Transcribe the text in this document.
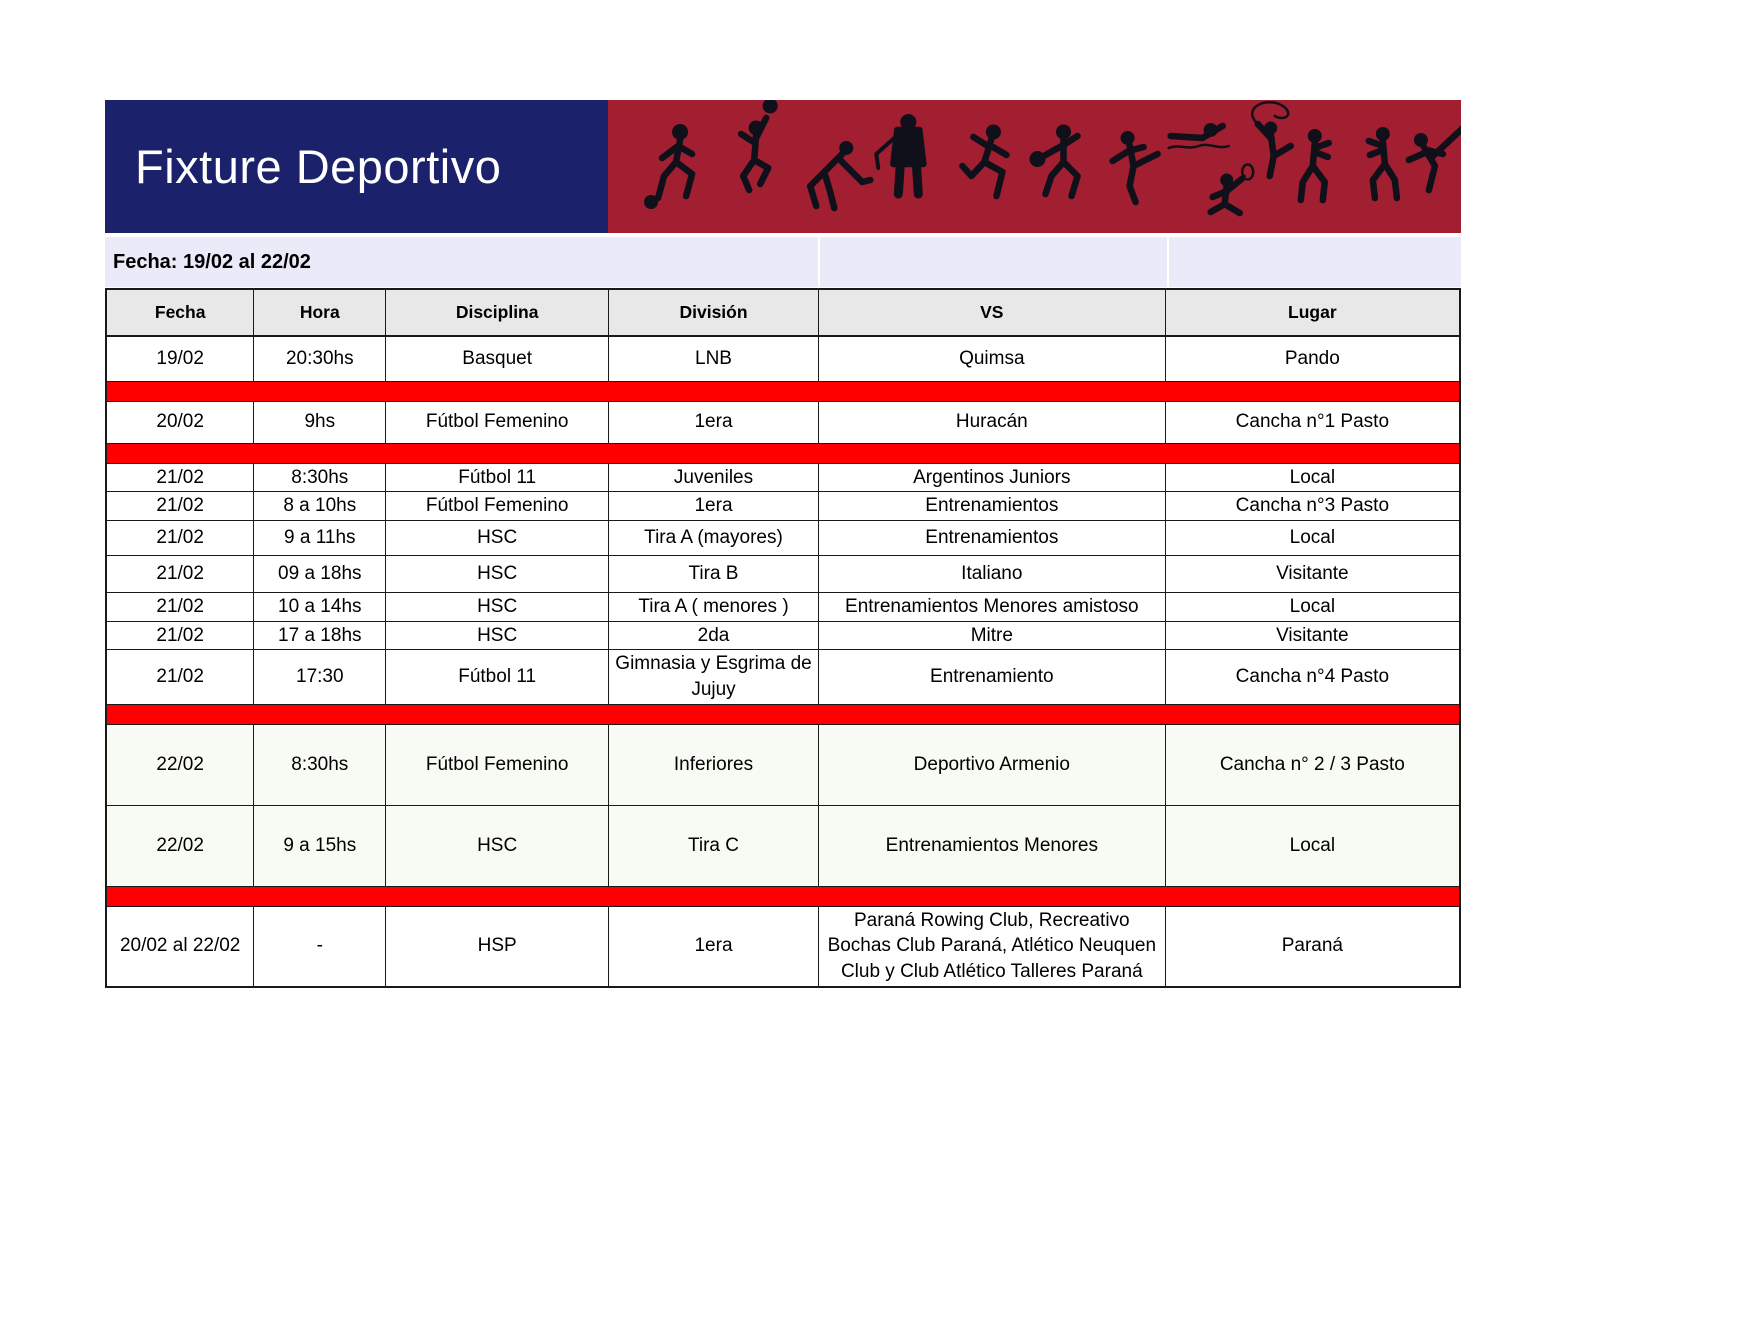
Fixture Deportivo
Fecha: 19/02 al 22/02
Fecha	Hora	Disciplina	División	VS	Lugar
19/02	20:30hs	Basquet	LNB	Quimsa	Pando

20/02	9hs	Fútbol Femenino	1era	Huracán	Cancha n°1 Pasto

21/02	8:30hs	Fútbol 11	Juveniles	Argentinos Juniors	Local
21/02	8 a 10hs	Fútbol Femenino	1era	Entrenamientos	Cancha n°3 Pasto
21/02	9 a 11hs	HSC	Tira A (mayores)	Entrenamientos	Local
21/02	09 a 18hs	HSC	Tira B	Italiano	Visitante
21/02	10 a 14hs	HSC	Tira A ( menores )	Entrenamientos Menores amistoso	Local
21/02	17 a 18hs	HSC	2da	Mitre	Visitante
21/02	17:30	Fútbol 11	Gimnasia y Esgrima de Jujuy	Entrenamiento	Cancha n°4 Pasto

22/02	8:30hs	Fútbol Femenino	Inferiores	Deportivo Armenio	Cancha n° 2 / 3 Pasto
22/02	9 a 15hs	HSC	Tira C	Entrenamientos Menores	Local

20/02 al 22/02	-	HSP	1era	Paraná Rowing Club, Recreativo Bochas Club Paraná, Atlético Neuquen Club y Club Atlético Talleres Paraná	Paraná
